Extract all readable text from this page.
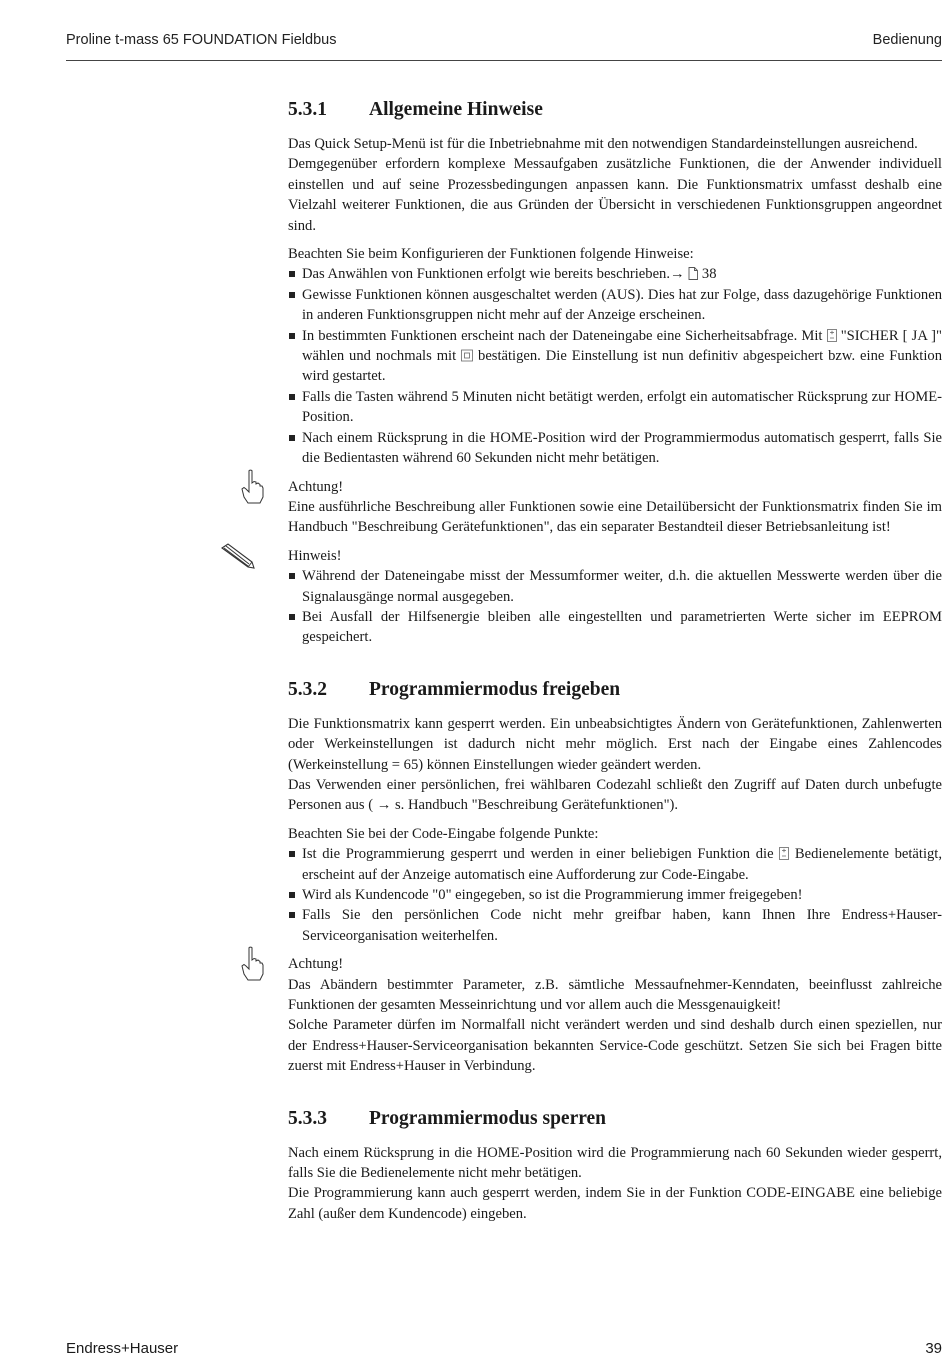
Proline t-mass 65 FOUNDATION Fieldbus	Bedienung
5.3.1 Allgemeine Hinweise

Das Quick Setup-Menü ist für die Inbetriebnahme mit den notwendigen Standardeinstellungen ausreichend.

Demgegenüber erfordern komplexe Messaufgaben zusätzliche Funktionen, die der Anwender individuell einstellen und auf seine Prozessbedingungen anpassen kann. Die Funktionsmatrix umfasst deshalb eine Vielzahl weiterer Funktionen, die aus Gründen der Übersicht in verschiedenen Funktionsgruppen angeordnet sind.

Beachten Sie beim Konfigurieren der Funktionen folgende Hinweise:

Das Anwählen von Funktionen erfolgt wie bereits beschrieben.→ 38
Gewisse Funktionen können ausgeschaltet werden (AUS). Dies hat zur Folge, dass dazugehörige Funktionen in anderen Funktionsgruppen nicht mehr auf der Anzeige erscheinen.
In bestimmten Funktionen erscheint nach der Dateneingabe eine Sicherheitsabfrage. Mit "SICHER [ JA ]" wählen und nochmals mit bestätigen. Die Einstellung ist nun definitiv abgespeichert bzw. eine Funktion wird gestartet.
Falls die Tasten während 5 Minuten nicht betätigt werden, erfolgt ein automatischer Rücksprung zur HOME-Position.
Nach einem Rücksprung in die HOME-Position wird der Programmiermodus automatisch gesperrt, falls Sie die Bedientasten während 60 Sekunden nicht mehr betätigen.

Achtung!

Eine ausführliche Beschreibung aller Funktionen sowie eine Detailübersicht der Funktionsmatrix finden Sie im Handbuch "Beschreibung Gerätefunktionen", das ein separater Bestandteil dieser Betriebsanleitung ist!

Hinweis!

Während der Dateneingabe misst der Messumformer weiter, d.h. die aktuellen Messwerte werden über die Signalausgänge normal ausgegeben.
Bei Ausfall der Hilfsenergie bleiben alle eingestellten und parametrierten Werte sicher im EEPROM gespeichert.
5.3.2 Programmiermodus freigeben

Die Funktionsmatrix kann gesperrt werden. Ein unbeabsichtigtes Ändern von Gerätefunktionen, Zahlenwerten oder Werkeinstellungen ist dadurch nicht mehr möglich. Erst nach der Eingabe eines Zahlencodes (Werkeinstellung = 65) können Einstellungen wieder geändert werden.

Das Verwenden einer persönlichen, frei wählbaren Codezahl schließt den Zugriff auf Daten durch unbefugte Personen aus ( → s. Handbuch "Beschreibung Gerätefunktionen").

Beachten Sie bei der Code-Eingabe folgende Punkte:

Ist die Programmierung gesperrt und werden in einer beliebigen Funktion die Bedienelemente betätigt, erscheint auf der Anzeige automatisch eine Aufforderung zur Code-Eingabe.
Wird als Kundencode "0" eingegeben, so ist die Programmierung immer freigegeben!
Falls Sie den persönlichen Code nicht mehr greifbar haben, kann Ihnen Ihre Endress+Hauser-Serviceorganisation weiterhelfen.

Achtung!

Das Abändern bestimmter Parameter, z.B. sämtliche Messaufnehmer-Kenndaten, beeinflusst zahlreiche Funktionen der gesamten Messeinrichtung und vor allem auch die Messgenauigkeit!

Solche Parameter dürfen im Normalfall nicht verändert werden und sind deshalb durch einen speziellen, nur der Endress+Hauser-Serviceorganisation bekannten Service-Code geschützt. Setzen Sie sich bei Fragen bitte zuerst mit Endress+Hauser in Verbindung.

5.3.3 Programmiermodus sperren

Nach einem Rücksprung in die HOME-Position wird die Programmierung nach 60 Sekunden wieder gesperrt, falls Sie die Bedienelemente nicht mehr betätigen.

Die Programmierung kann auch gesperrt werden, indem Sie in der Funktion CODE-EINGABE eine beliebige Zahl (außer dem Kundencode) eingeben.

Endress+Hauser	39
